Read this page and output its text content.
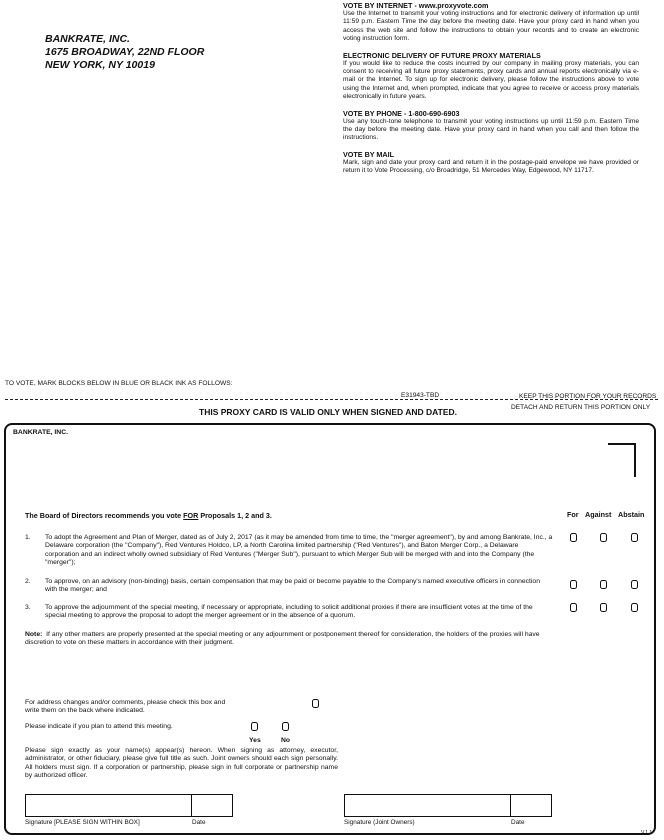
BANKRATE, INC.
1675 BROADWAY, 22ND FLOOR
NEW YORK, NY 10019
VOTE BY INTERNET - www.proxyvote.com

Use the Internet to transmit your voting instructions and for electronic delivery of information up until 11:59 p.m. Eastern Time the day before the meeting date. Have your proxy card in hand when you access the web site and follow the instructions to obtain your records and to create an electronic voting instruction form.

ELECTRONIC DELIVERY OF FUTURE PROXY MATERIALS

If you would like to reduce the costs incurred by our company in mailing proxy materials, you can consent to receiving all future proxy statements, proxy cards and annual reports electronically via e-mail or the Internet. To sign up for electronic delivery, please follow the instructions above to vote using the Internet and, when prompted, indicate that you agree to receive or access proxy materials electronically in future years.

VOTE BY PHONE - 1-800-690-6903

Use any touch-tone telephone to transmit your voting instructions up until 11:59 p.m. Eastern Time the day before the meeting date. Have your proxy card in hand when you call and then follow the instructions.

VOTE BY MAIL

Mark, sign and date your proxy card and return it in the postage-paid envelope we have provided or return it to Vote Processing, c/o Broadridge, 51 Mercedes Way, Edgewood, NY 11717.

TO VOTE, MARK BLOCKS BELOW IN BLUE OR BLACK INK AS FOLLOWS:
E31943-TBD	KEEP THIS PORTION FOR YOUR RECORDS
DETACH AND RETURN THIS PORTION ONLY
THIS PROXY CARD IS VALID ONLY WHEN SIGNED AND DATED.
BANKRATE, INC.
The Board of Directors recommends you vote FOR Proposals 1, 2 and 3.	For Against Abstain
1. To adopt the Agreement and Plan of Merger, dated as of July 2, 2017 (as it may be amended from time to time, the "merger agreement"), by and among Bankrate, Inc., a Delaware corporation (the "Company"), Red Ventures Holdco, LP, a North Carolina limited partnership ("Red Ventures"), and Baton Merger Corp., a Delaware corporation and an indirect wholly owned subsidiary of Red Ventures ("Merger Sub"), pursuant to which Merger Sub will be merged with and into the Company (the "merger");
2. To approve, on an advisory (non-binding) basis, certain compensation that may be paid or become payable to the Company's named executive officers in connection with the merger; and
3. To approve the adjournment of the special meeting, if necessary or appropriate, including to solicit additional proxies if there are insufficient votes at the time of the special meeting to approve the proposal to adopt the merger agreement or in the absence of a quorum.
Note: If any other matters are properly presented at the special meeting or any adjournment or postponement thereof for consideration, the holders of the proxies will have discretion to vote on these matters in accordance with their judgment.
For address changes and/or comments, please check this box and write them on the back where indicated.
Please indicate if you plan to attend this meeting.
Yes	No
Please sign exactly as your name(s) appear(s) hereon. When signing as attorney, executor, administrator, or other fiduciary, please give full title as such. Joint owners should each sign personally. All holders must sign. If a corporation or partnership, please sign in full corporate or partnership name by authorized officer.
Signature [PLEASE SIGN WITHIN BOX]	Date	Signature (Joint Owners)	Date
V.1.1
